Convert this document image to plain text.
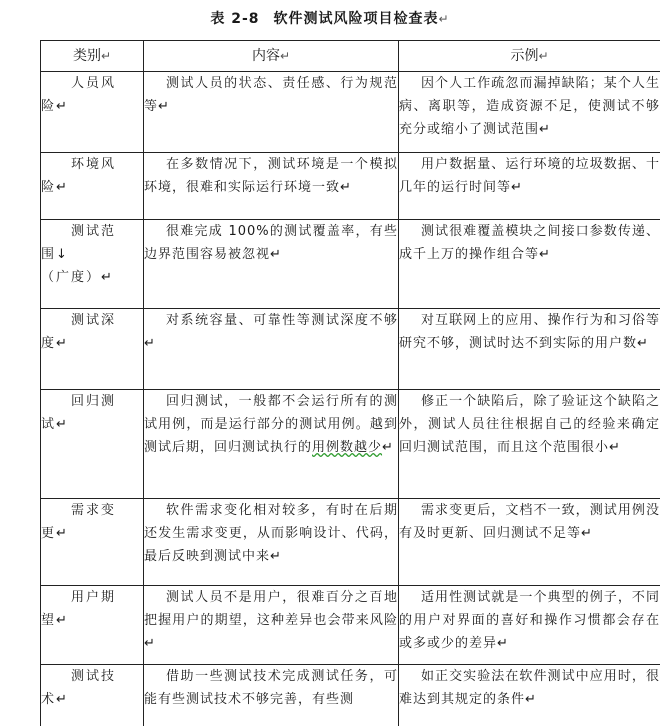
表 2-8 软件测试风险项目检查表↵
类别↵	内容↵	示例↵

人员风
险↵	测试人员的状态、责任感、行为规范等↵	因个人工作疏忽而漏掉缺陷；某个人生病、离职等，造成资源不足，使测试不够充分或缩小了测试范围↵

环境风
险↵	在多数情况下，测试环境是一个模拟环境，很难和实际运行环境一致↵	用户数据量、运行环境的垃圾数据、十几年的运行时间等↵

测试范
围↓
（广度）↵	很难完成 100%的测试覆盖率，有些边界范围容易被忽视↵	测试很难覆盖模块之间接口参数传递、成千上万的操作组合等↵

测试深
度↵	对系统容量、可靠性等测试深度不够↵	对互联网上的应用、操作行为和习俗等研究不够，测试时达不到实际的用户数↵

回归测
试↵	回归测试，一般都不会运行所有的测试用例，而是运行部分的测试用例。越到测试后期，回归测试执行的用例数越少↵	修正一个缺陷后，除了验证这个缺陷之外，测试人员往往根据自己的经验来确定回归测试范围，而且这个范围很小↵

需求变
更↵	软件需求变化相对较多，有时在后期还发生需求变更，从而影响设计、代码，最后反映到测试中来↵	需求变更后，文档不一致，测试用例没有及时更新、回归测试不足等↵

用户期
望↵	测试人员不是用户，很难百分之百地把握用户的期望，这种差异也会带来风险↵	适用性测试就是一个典型的例子，不同的用户对界面的喜好和操作习惯都会存在或多或少的差异↵

测试技
术↵	借助一些测试技术完成测试任务，可能有些测试技术不够完善，有些测	如正交实验法在软件测试中应用时，很难达到其规定的条件↵
